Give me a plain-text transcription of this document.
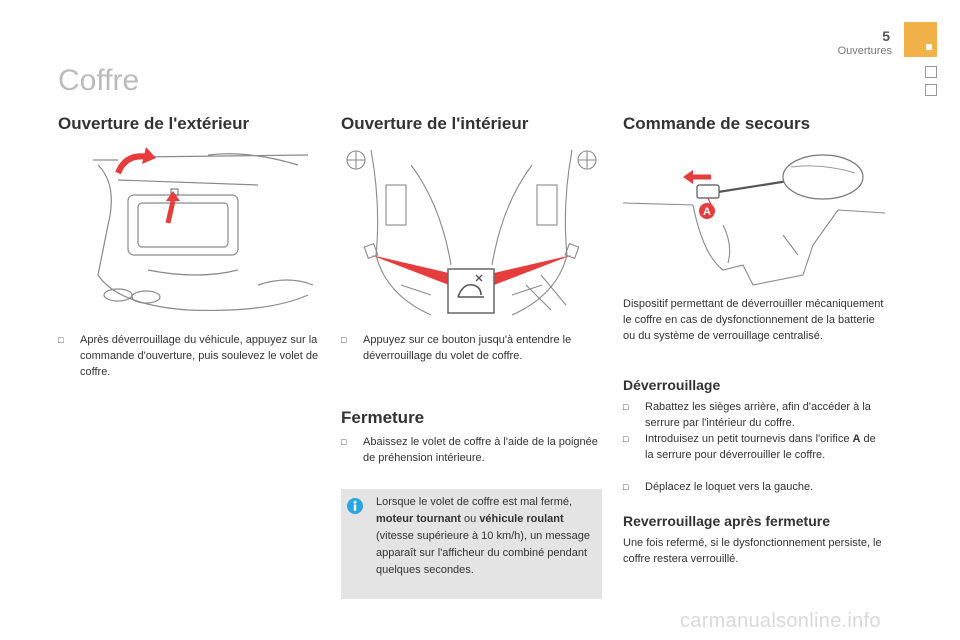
5
Ouvertures
Coffre
Ouverture de l'extérieur
□	Après déverrouillage du véhicule, appuyez sur la commande d'ouverture, puis soulevez le volet de coffre.
Ouverture de l'intérieur
□	Appuyez sur ce bouton jusqu'à entendre le déverrouillage du volet de coffre.
Fermeture
□	Abaissez le volet de coffre à l'aide de la poignée de préhension intérieure.
Lorsque le volet de coffre est mal fermé, moteur tournant ou véhicule roulant (vitesse supérieure à 10 km/h), un message apparaît sur l'afficheur du combiné pendant quelques secondes.
Commande de secours
A
Dispositif permettant de déverrouiller mécaniquement le coffre en cas de dysfonctionnement de la batterie ou du système de verrouillage centralisé.
Déverrouillage
□	Rabattez les sièges arrière, afin d'accéder à la serrure par l'intérieur du coffre.
□	Introduisez un petit tournevis dans l'orifice A de la serrure pour déverrouiller le coffre.
□	Déplacez le loquet vers la gauche.
Reverrouillage après fermeture
Une fois refermé, si le dysfonctionnement persiste, le coffre restera verrouillé.
carmanualsonline.info
